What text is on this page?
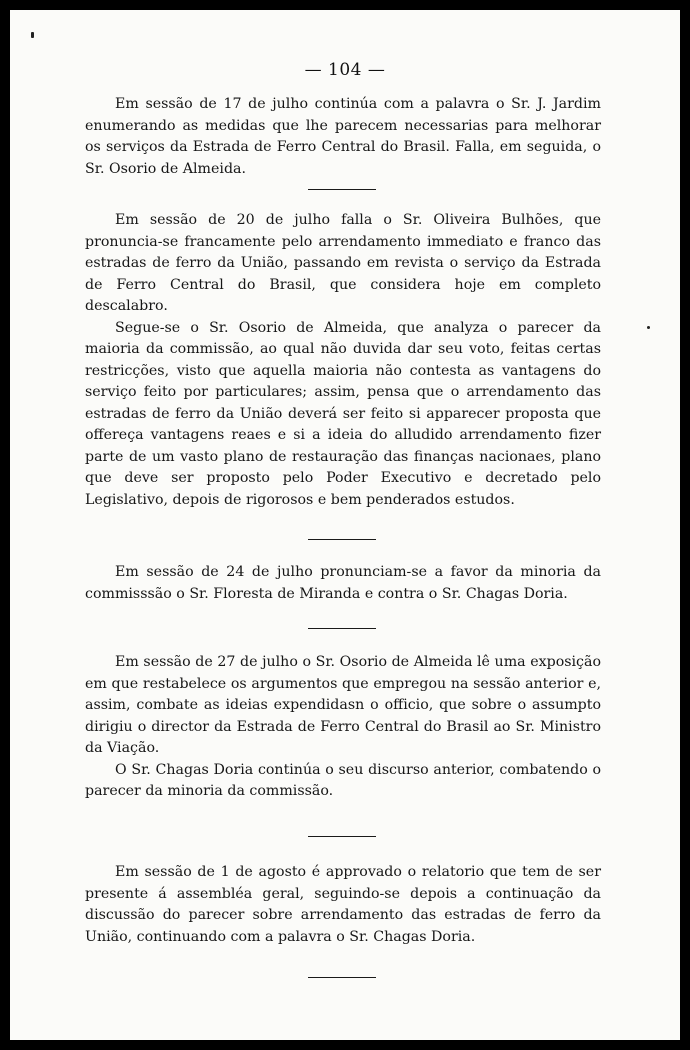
— 104 —

Em sessão de 17 de julho continúa com a palavra o Sr. J. Jardim enumerando as medidas que lhe parecem necessarias para melhorar os serviços da Estrada de Ferro Central do Brasil. Falla, em seguida, o Sr. Osorio de Almeida.

Em sessão de 20 de julho falla o Sr. Oliveira Bulhões, que pronuncia-se francamente pelo arrendamento immediato e franco das estradas de ferro da União, passando em revista o serviço da Estrada de Ferro Central do Brasil, que considera hoje em completo descalabro.

Segue-se o Sr. Osorio de Almeida, que analyza o parecer da maioria da commissão, ao qual não duvida dar seu voto, feitas certas restricções, visto que aquella maioria não contesta as vantagens do serviço feito por particulares; assim, pensa que o arrendamento das estradas de ferro da União deverá ser feito si apparecer proposta que offereça vantagens reaes e si a ideia do alludido arrendamento fizer parte de um vasto plano de restauração das finanças nacionaes, plano que deve ser proposto pelo Poder Executivo e decretado pelo Legislativo, depois de rigorosos e bem penderados estudos.

Em sessão de 24 de julho pronunciam-se a favor da minoria da commisssão o Sr. Floresta de Miranda e contra o Sr. Chagas Doria.

Em sessão de 27 de julho o Sr. Osorio de Almeida lê uma exposição em que restabelece os argumentos que empregou na sessão anterior e, assim, combate as ideias expendidasn o officio, que sobre o assumpto dirigiu o director da Estrada de Ferro Central do Brasil ao Sr. Ministro da Viação.

O Sr. Chagas Doria continúa o seu discurso anterior, combatendo o parecer da minoria da commissão.

Em sessão de 1 de agosto é approvado o relatorio que tem de ser presente á assembléa geral, seguindo-se depois a continuação da discussão do parecer sobre arrendamento das estradas de ferro da União, continuando com a palavra o Sr. Chagas Doria.
